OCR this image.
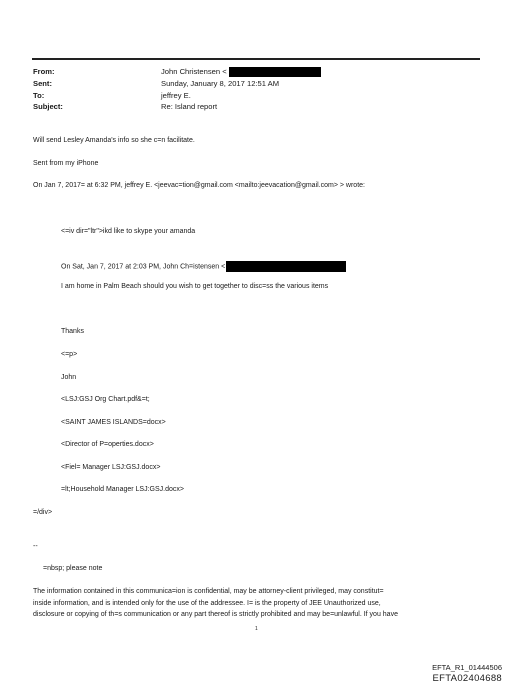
From:	John Christensen <
Sent:	Sunday, January 8, 2017 12:51 AM
To:	jeffrey E.
Subject:	Re: Island report
Will send Lesley Amanda's info so she c=n facilitate.
Sent from my iPhone
On Jan 7, 2017= at 6:32 PM, jeffrey E. <jeevac=tion@gmail.com <mailto:jeevacation@gmail.com> > wrote:
<=iv dir="ltr">ikd like to skype your amanda
On Sat, Jan 7, 2017 at 2:03 PM, John Ch=istensen <
I am home in Palm Beach should you wish to get together to disc=ss the various items
Thanks
<=p>
John
<LSJ:GSJ Org Chart.pdf&=t;
<SAINT JAMES ISLANDS=docx>
<Director of P=operties.docx>
<Fiel= Manager LSJ:GSJ.docx>
=lt;Household Manager LSJ:GSJ.docx>
=/div>
--
=nbsp; please note
The information contained in this communica=ion is confidential, may be attorney-client privileged, may constitut=
inside information, and is intended only for the use of the addressee. I= is the property of JEE Unauthorized use,
disclosure or copying of th=s communication or any part thereof is strictly prohibited and may be=unlawful. If you have
1
EFTA_R1_01444506
EFTA02404688
